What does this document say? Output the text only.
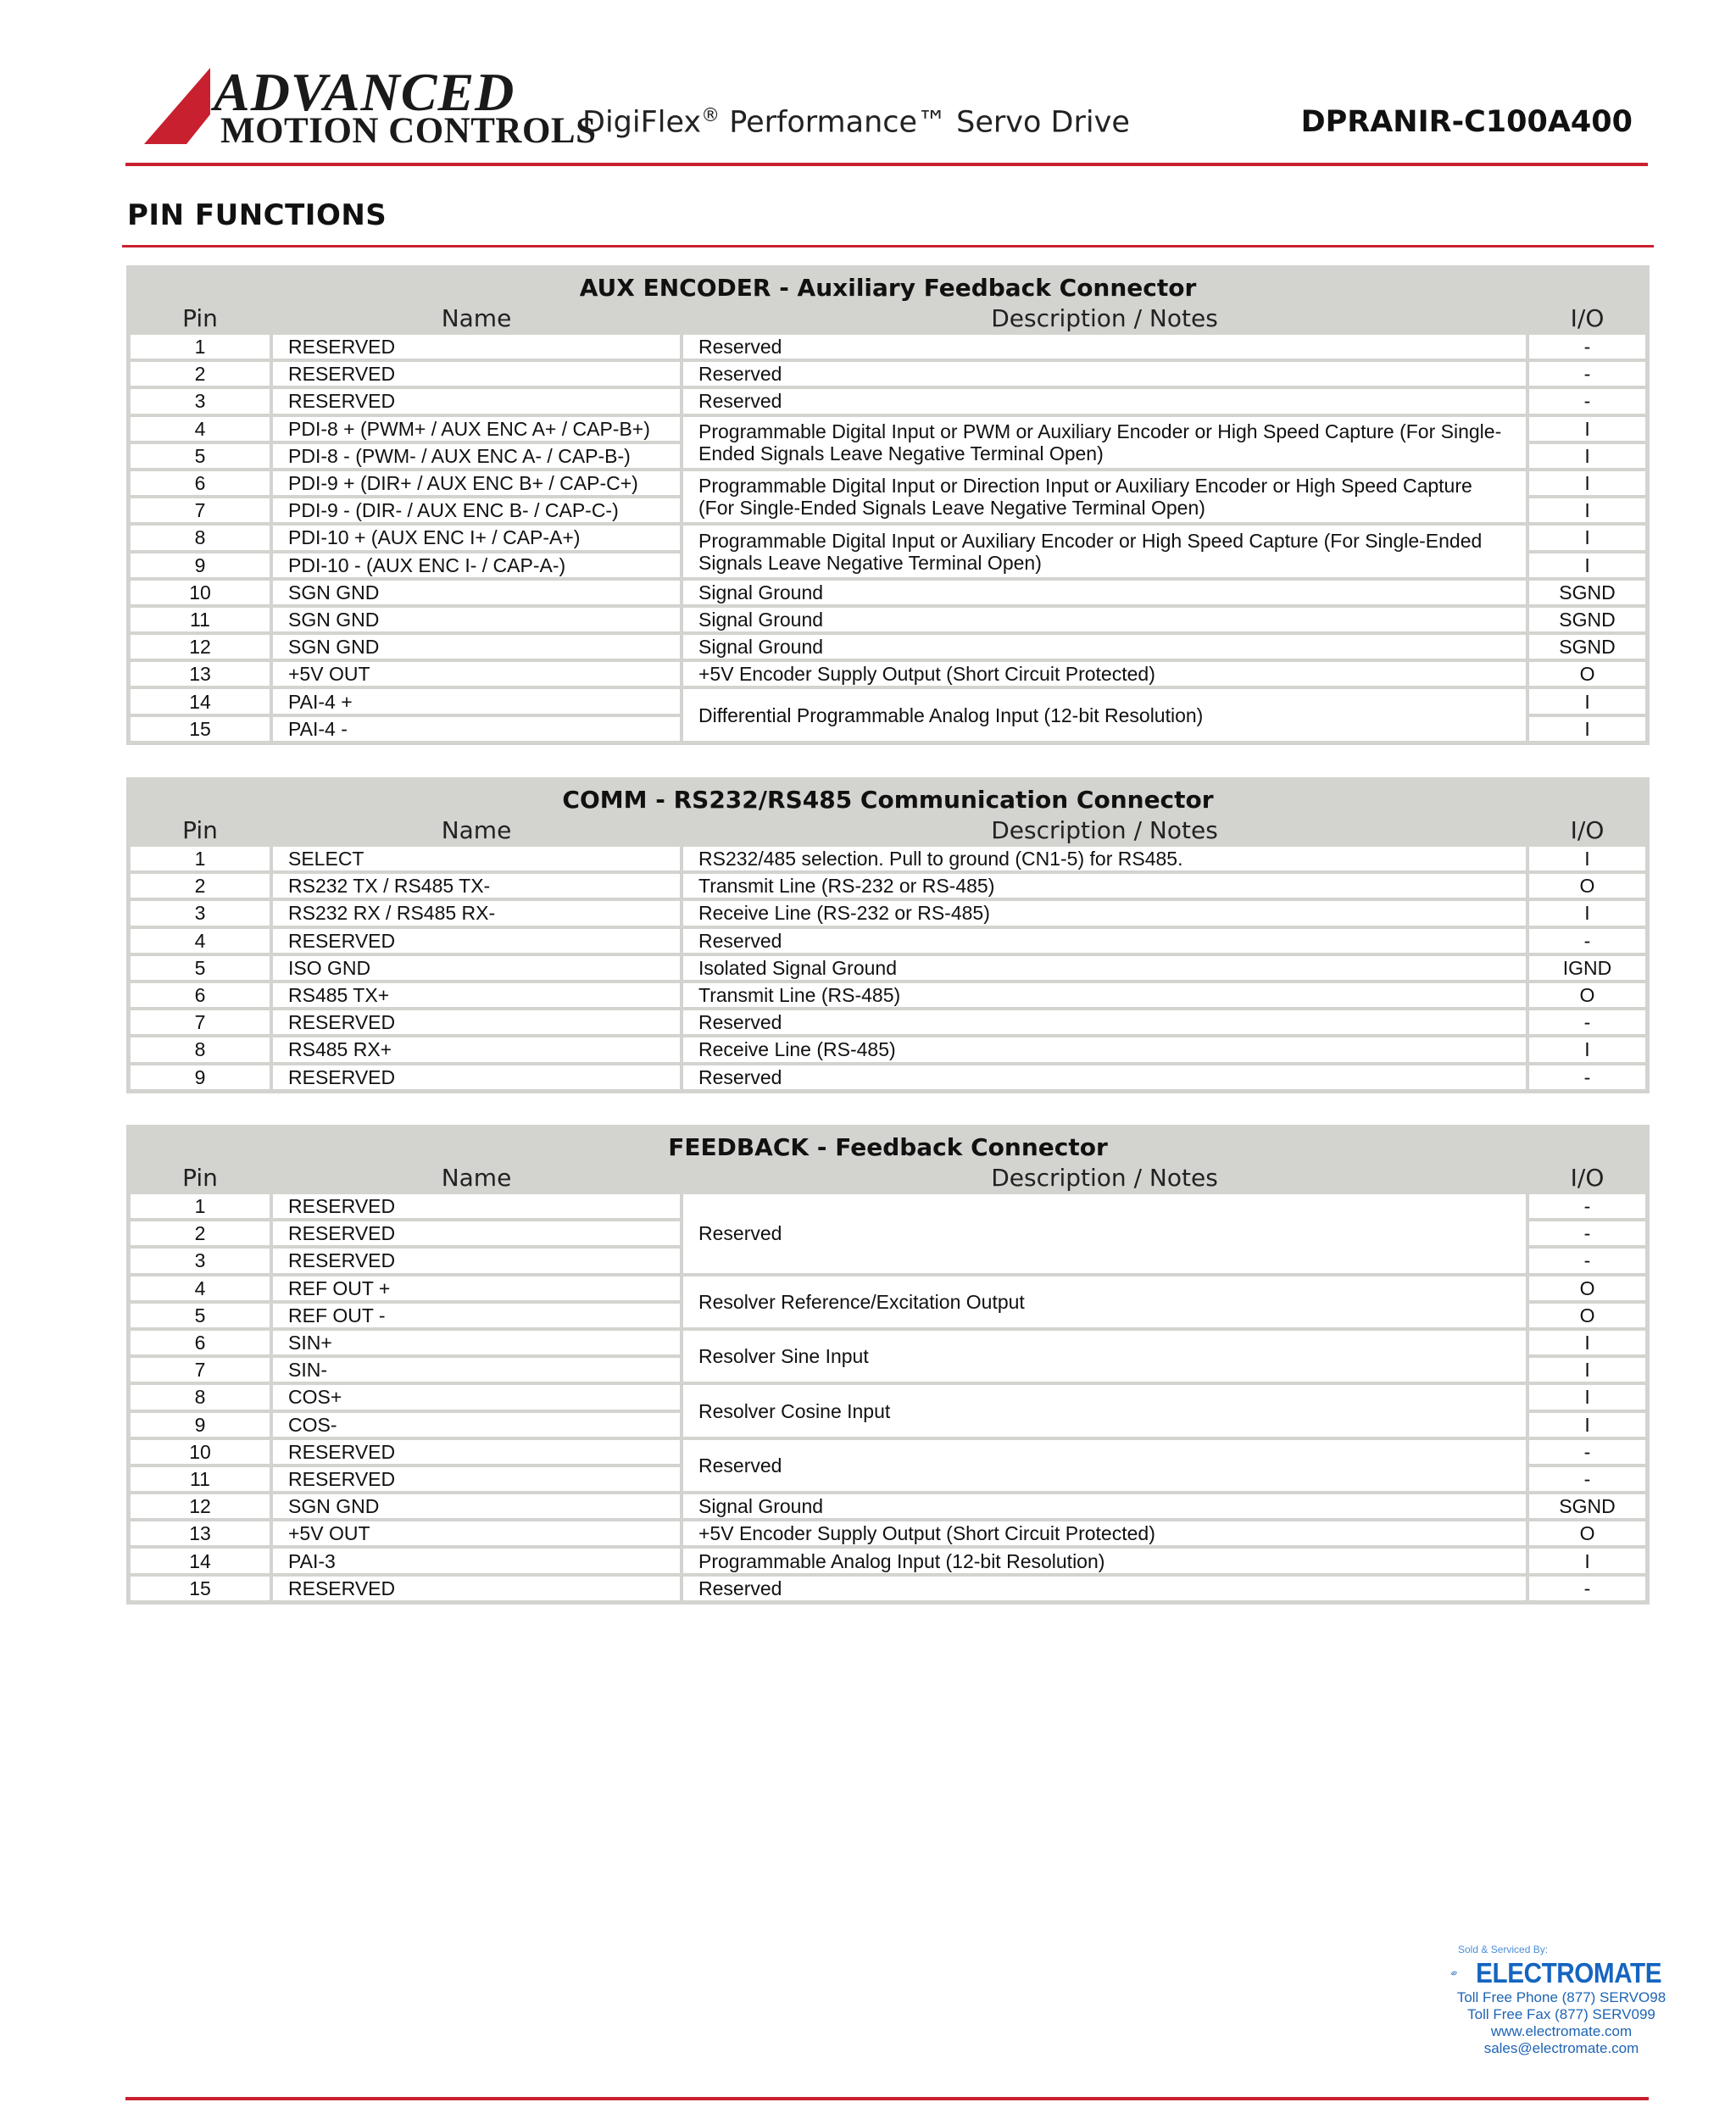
ADVANCED
MOTION CONTROLS
DigiFlex® Performance™ Servo Drive	DPRANIR-C100A400
PIN FUNCTIONS
AUX ENCODER - Auxiliary Feedback Connector			
Pin	Name	Description / Notes	I/O
1	RESERVED	Reserved	-
2	RESERVED	Reserved	-
3	RESERVED	Reserved	-
4	PDI-8 + (PWM+ / AUX ENC A+ / CAP-B+)	Programmable Digital Input or PWM or Auxiliary Encoder or High Speed Capture (For Single-Ended Signals Leave Negative Terminal Open)	I
5	PDI-8 - (PWM- / AUX ENC A- / CAP-B-)		I
6	PDI-9 + (DIR+ / AUX ENC B+ / CAP-C+)	Programmable Digital Input or Direction Input or Auxiliary Encoder or High Speed Capture (For Single-Ended Signals Leave Negative Terminal Open)	I
7	PDI-9 - (DIR- / AUX ENC B- / CAP-C-)		I
8	PDI-10 + (AUX ENC I+ / CAP-A+)	Programmable Digital Input or Auxiliary Encoder or High Speed Capture (For Single-Ended Signals Leave Negative Terminal Open)	I
9	PDI-10 - (AUX ENC I- / CAP-A-)		I
10	SGN GND	Signal Ground	SGND
11	SGN GND	Signal Ground	SGND
12	SGN GND	Signal Ground	SGND
13	+5V OUT	+5V Encoder Supply Output (Short Circuit Protected)	O
14	PAI-4 +	Differential Programmable Analog Input (12-bit Resolution)	I
15	PAI-4 -		I
COMM - RS232/RS485 Communication Connector			
Pin	Name	Description / Notes	I/O
1	SELECT	RS232/485 selection. Pull to ground (CN1-5) for RS485.	I
2	RS232 TX / RS485 TX-	Transmit Line (RS-232 or RS-485)	O
3	RS232 RX / RS485 RX-	Receive Line (RS-232 or RS-485)	I
4	RESERVED	Reserved	-
5	ISO GND	Isolated Signal Ground	IGND
6	RS485 TX+	Transmit Line (RS-485)	O
7	RESERVED	Reserved	-
8	RS485 RX+	Receive Line (RS-485)	I
9	RESERVED	Reserved	-
FEEDBACK - Feedback Connector			
Pin	Name	Description / Notes	I/O
1	RESERVED	Reserved	-
2	RESERVED		-
3	RESERVED		-
4	REF OUT +	Resolver Reference/Excitation Output	O
5	REF OUT -		O
6	SIN+	Resolver Sine Input	I
7	SIN-		I
8	COS+	Resolver Cosine Input	I
9	COS-		I
10	RESERVED	Reserved	-
11	RESERVED		-
12	SGN GND	Signal Ground	SGND
13	+5V OUT	+5V Encoder Supply Output (Short Circuit Protected)	O
14	PAI-3	Programmable Analog Input (12-bit Resolution)	I
15	RESERVED	Reserved	-
Sold & Serviced By:
ELECTROMATE
Toll Free Phone (877) SERVO98
Toll Free Fax (877) SERV099
www.electromate.com
sales@electromate.com
